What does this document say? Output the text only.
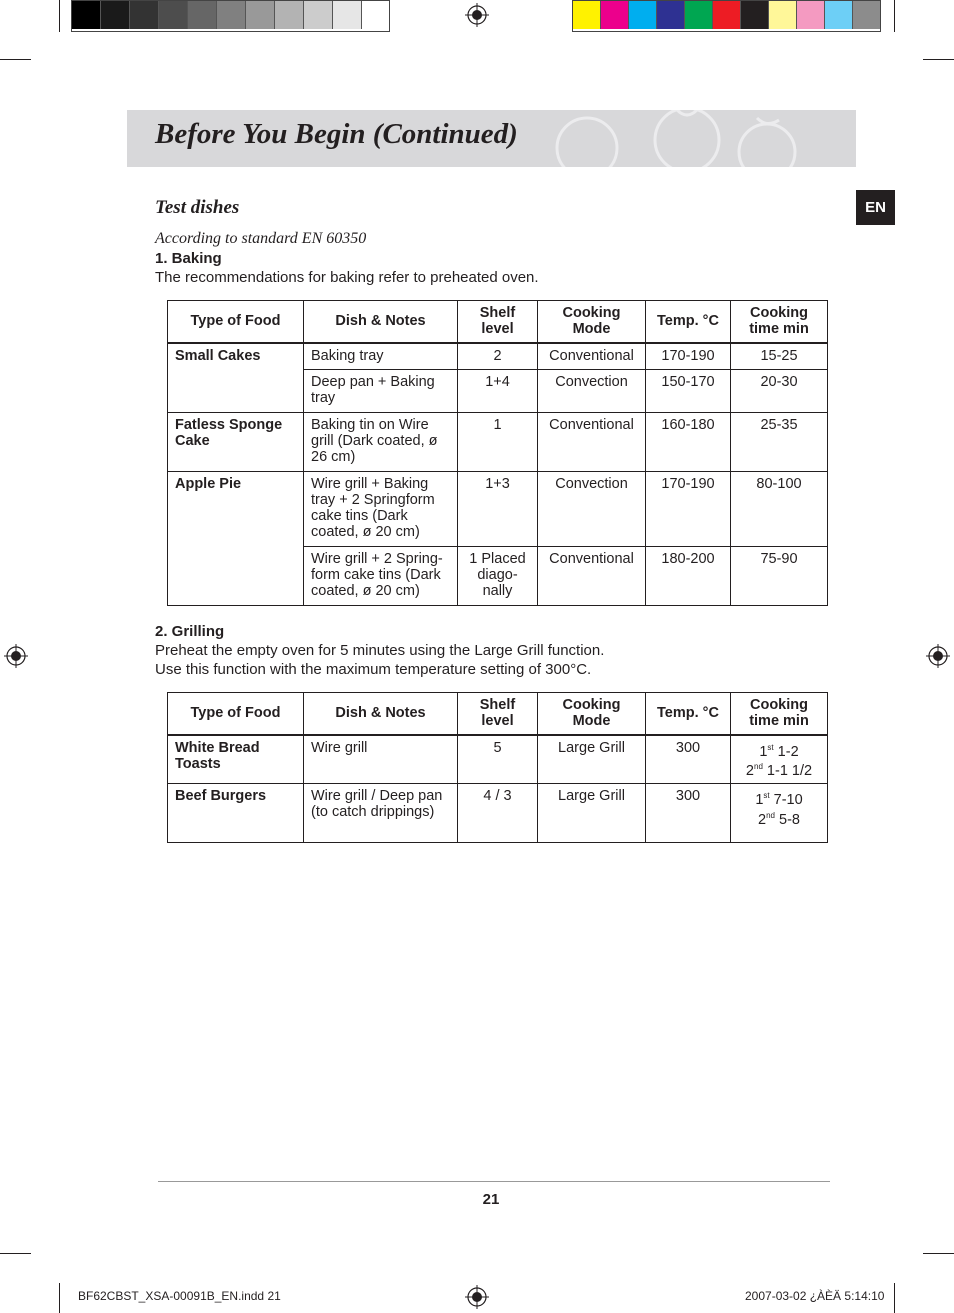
Before You Begin (Continued)
EN
Test dishes
According to standard EN 60350
1. Baking
The recommendations for baking refer to preheated oven.
Type of Food	Dish & Notes	Shelf level	Cooking Mode	Temp. °C	Cooking time min
Small Cakes	Baking tray	2	Conventional	170-190	15-25
	Deep pan + Baking tray	1+4	Convection	150-170	20-30
Fatless Sponge Cake	Baking tin on Wire grill (Dark coated, ø 26 cm)	1	Conventional	160-180	25-35
Apple Pie	Wire grill + Baking tray + 2 Springform cake tins (Dark coated, ø 20 cm)	1+3	Convection	170-190	80-100
	Wire grill + 2 Spring-form cake tins (Dark coated, ø 20 cm)	1 Placed diago-nally	Conventional	180-200	75-90
2. Grilling
Preheat the empty oven for 5 minutes using the Large Grill function.
Use this function with the maximum temperature setting of 300°C.
Type of Food	Dish & Notes	Shelf level	Cooking Mode	Temp. °C	Cooking time min
White Bread Toasts	Wire grill	5	Large Grill	300	1st 1-2
2nd 1-1 1/2
Beef Burgers	Wire grill / Deep pan (to catch drippings)	4 / 3	Large Grill	300	1st 7-10
2nd 5-8
21
BF62CBST_XSA-00091B_EN.indd 21	2007-03-02 ¿ÀÈÄ 5:14:10
